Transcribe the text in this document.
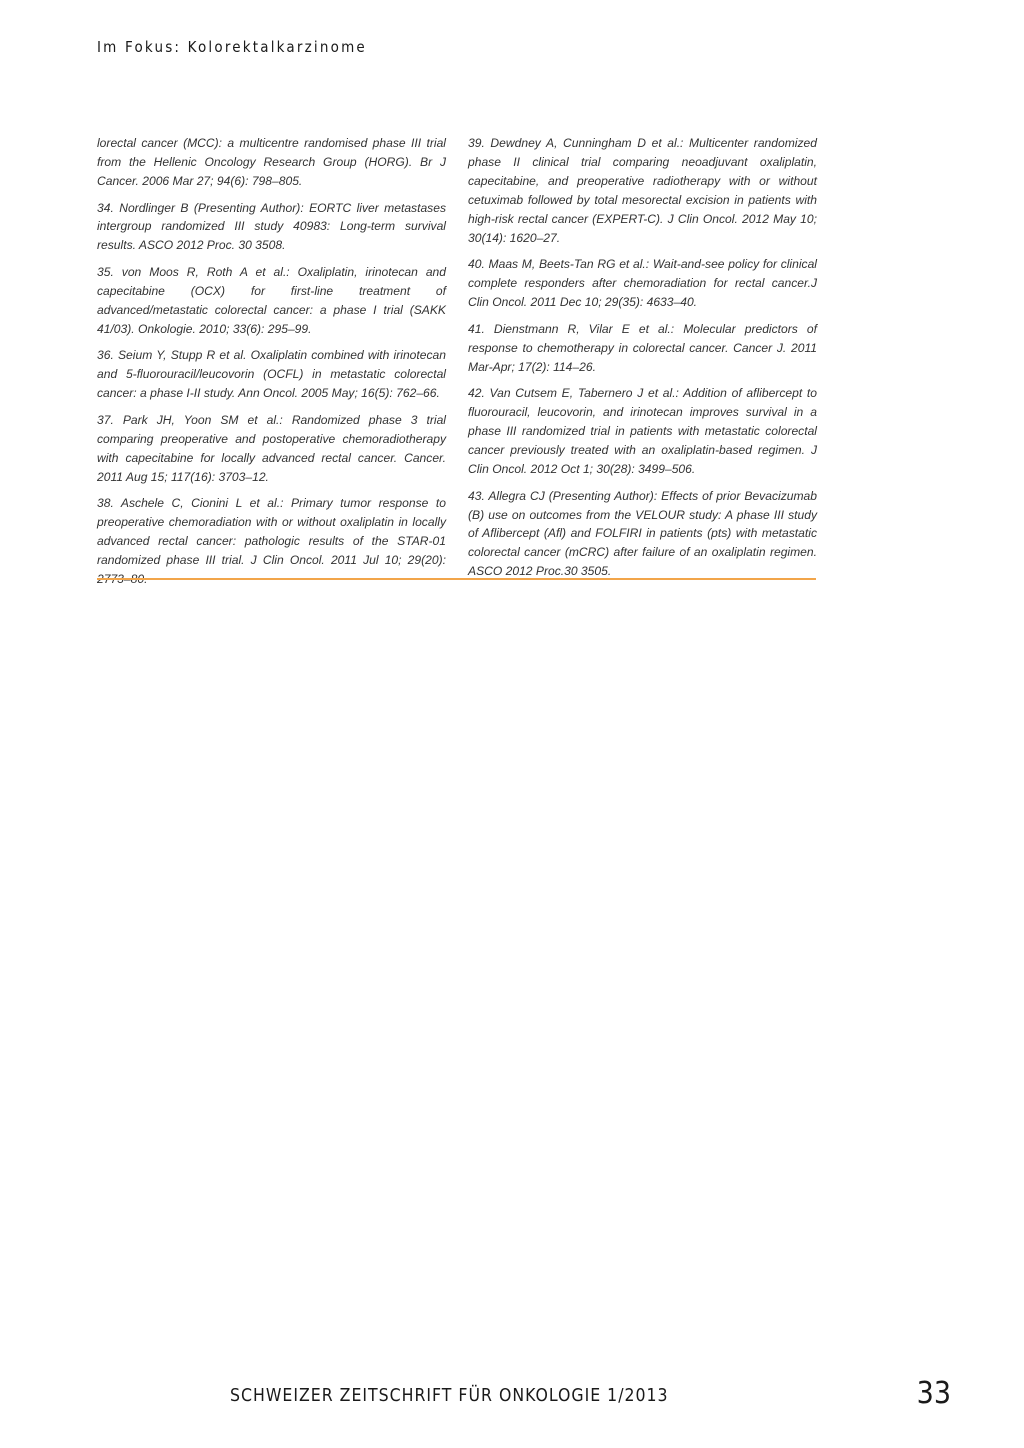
Im Fokus: Kolorektalkarzinome

lorectal cancer (MCC): a multicentre randomised phase III trial from the Hellenic Oncology Research Group (HORG). Br J Cancer. 2006 Mar 27; 94(6): 798–805.

34. Nordlinger B (Presenting Author): EORTC liver metastases intergroup randomized III study 40983: Long-term survival results. ASCO 2012 Proc. 30 3508.

35. von Moos R, Roth A et al.: Oxaliplatin, irinotecan and capecitabine (OCX) for first-line treatment of advanced/metastatic colorectal cancer: a phase I trial (SAKK 41/03). Onkologie. 2010; 33(6): 295–99.

36. Seium Y, Stupp R et al. Oxaliplatin combined with irinotecan and 5-fluorouracil/leucovorin (OCFL) in metastatic colorectal cancer: a phase I-II study. Ann Oncol. 2005 May; 16(5): 762–66.

37. Park JH, Yoon SM et al.: Randomized phase 3 trial comparing preoperative and postoperative chemoradiotherapy with capecitabine for locally advanced rectal cancer. Cancer. 2011 Aug 15; 117(16): 3703–12.

38. Aschele C, Cionini L et al.: Primary tumor response to preoperative chemoradiation with or without oxaliplatin in locally advanced rectal cancer: pathologic results of the STAR-01 randomized phase III trial. J Clin Oncol. 2011 Jul 10; 29(20):

39. Dewdney A, Cunningham D et al.: Multicenter randomized phase II clinical trial comparing neoadjuvant oxaliplatin, capecitabine, and preoperative radiotherapy with or without cetuximab followed by total mesorectal excision in patients with high-risk rectal cancer (EXPERT-C). J Clin Oncol. 2012 May 10; 30(14): 1620–27.

40. Maas M, Beets-Tan RG et al.: Wait-and-see policy for clinical complete responders after chemoradiation for rectal cancer.J Clin Oncol. 2011 Dec 10; 29(35): 4633–40.

41. Dienstmann R, Vilar E et al.: Molecular predictors of response to chemotherapy in colorectal cancer. Cancer J. 2011 Mar-Apr; 17(2): 114–26.

42. Van Cutsem E, Tabernero J et al.: Addition of aflibercept to fluorouracil, leucovorin, and irinotecan improves survival in a phase III randomized trial in patients with metastatic colorectal cancer previously treated with an oxaliplatin-based regimen. J Clin Oncol. 2012 Oct 1; 30(28): 3499–506.

43. Allegra CJ (Presenting Author): Effects of prior Bevacizumab (B) use on outcomes from the VELOUR study: A phase III study of Aflibercept (Afl) and FOLFIRI in patients (pts) with metastatic colorectal cancer (mCRC) after failure of an oxaliplatin regimen. ASCO 2012 Proc.30 3505.

SCHWEIZER ZEITSCHRIFT FÜR ONKOLOGIE 1/2013	33
